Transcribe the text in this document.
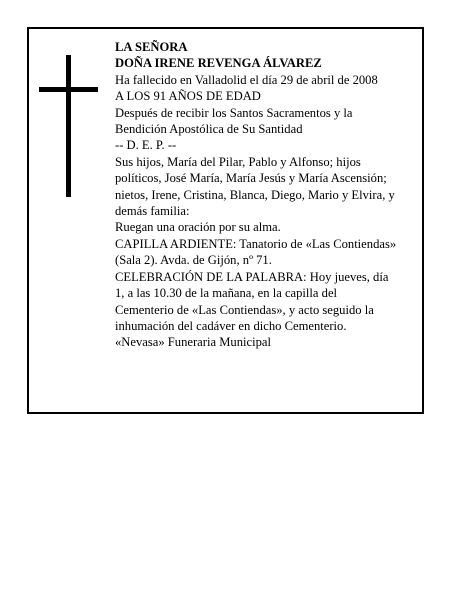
LA SEÑORA
DOÑA IRENE REVENGA ÁLVAREZ
Ha fallecido en Valladolid el día 29 de abril de 2008
A LOS 91 AÑOS DE EDAD
Después de recibir los Santos Sacramentos y la
Bendición Apostólica de Su Santidad
-- D. E. P. --
Sus hijos, María del Pilar, Pablo y Alfonso; hijos
políticos, José María, María Jesús y María Ascensión;
nietos, Irene, Cristina, Blanca, Diego, Mario y Elvira, y
demás familia:
Ruegan una oración por su alma.
CAPILLA ARDIENTE: Tanatorio de «Las Contiendas»
(Sala 2). Avda. de Gijón, nº 71.
CELEBRACIÓN DE LA PALABRA: Hoy jueves, día
1, a las 10.30 de la mañana, en la capilla del
Cementerio de «Las Contiendas», y acto seguido la
inhumación del cadáver en dicho Cementerio.
«Nevasa» Funeraria Municipal
